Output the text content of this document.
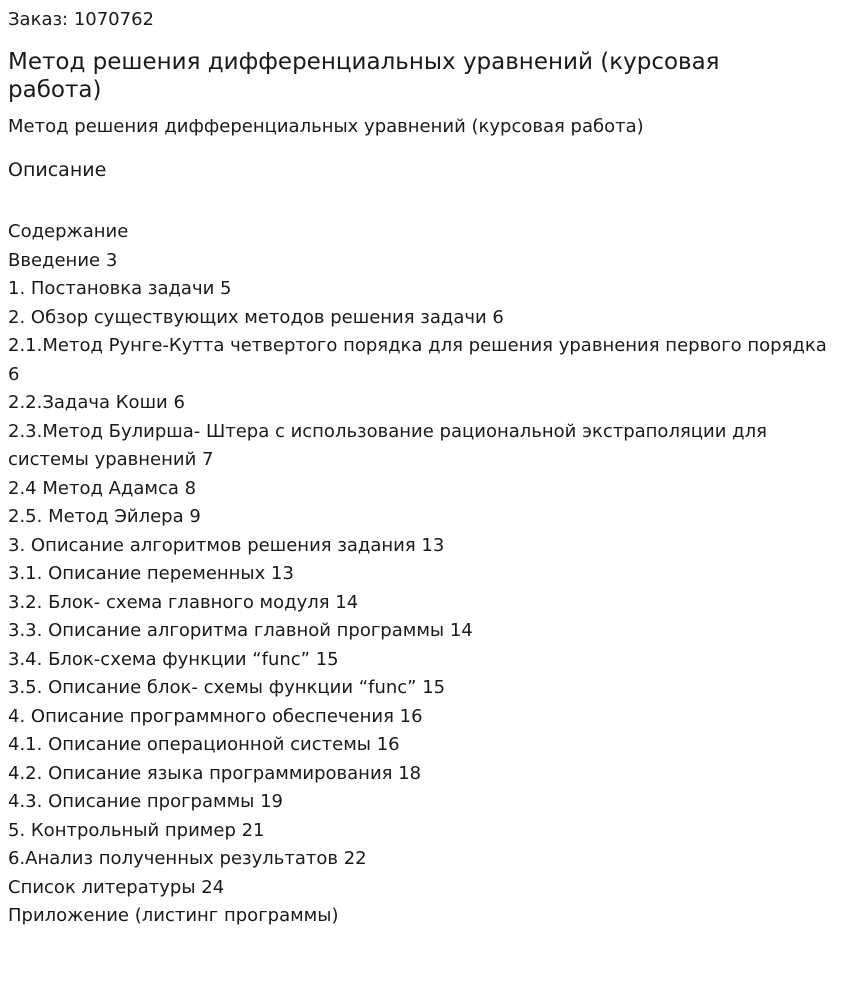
Заказ: 1070762
Метод решения дифференциальных уравнений (курсовая работа)
Метод решения дифференциальных уравнений (курсовая работа)
Описание
Содержание
Введение 3
1. Постановка задачи 5
2. Обзор существующих методов решения задачи 6
2.1.Метод Рунге-Кутта четвертого порядка для решения уравнения первого порядка 6
2.2.Задача Коши 6
2.3.Метод Булирша- Штера с использование рациональной экстраполяции для системы уравнений 7
2.4 Метод Адамса 8
2.5. Метод Эйлера 9
3. Описание алгоритмов решения задания 13
3.1. Описание переменных 13
3.2. Блок- схема главного модуля 14
3.3. Описание алгоритма главной программы 14
3.4. Блок-схема функции “func” 15
3.5. Описание блок- схемы функции “func” 15
4. Описание программного обеспечения 16
4.1. Описание операционной системы 16
4.2. Описание языка программирования 18
4.3. Описание программы 19
5. Контрольный пример 21
6.Анализ полученных результатов 22
Список литературы 24
Приложение (листинг программы)
